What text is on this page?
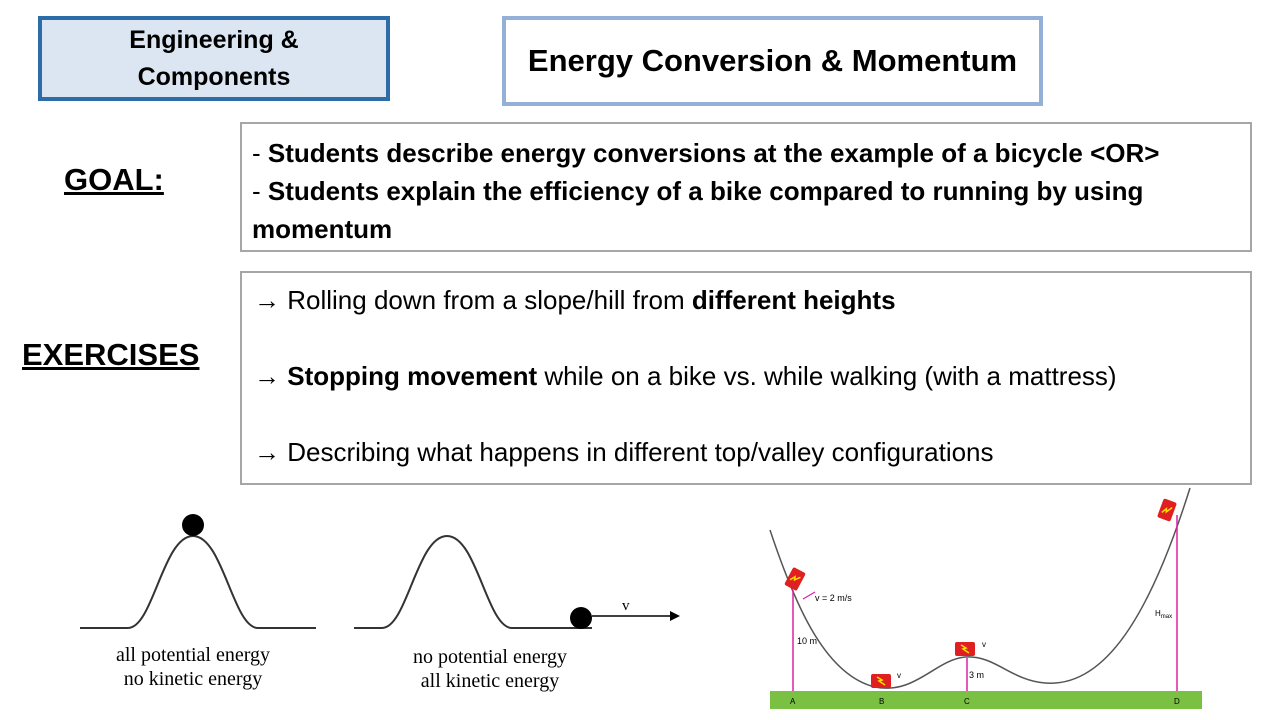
Engineering &
Components	Energy Conversion & Momentum
GOAL:
- Students describe energy conversions at the example of a bicycle <OR>
- Students explain the efficiency of a bike compared to running by using momentum
EXERCISES
→ Rolling down from a slope/hill from different heights

→ Stopping movement while on a bike vs. while walking (with a mattress)

→ Describing what happens in different top/valley configurations
all potential energy
no kinetic energy
v
no potential energy
all kinetic energy
v = 2 m/s
10 m
v
v
3 m
$H_{max}$
A	B	C	D
